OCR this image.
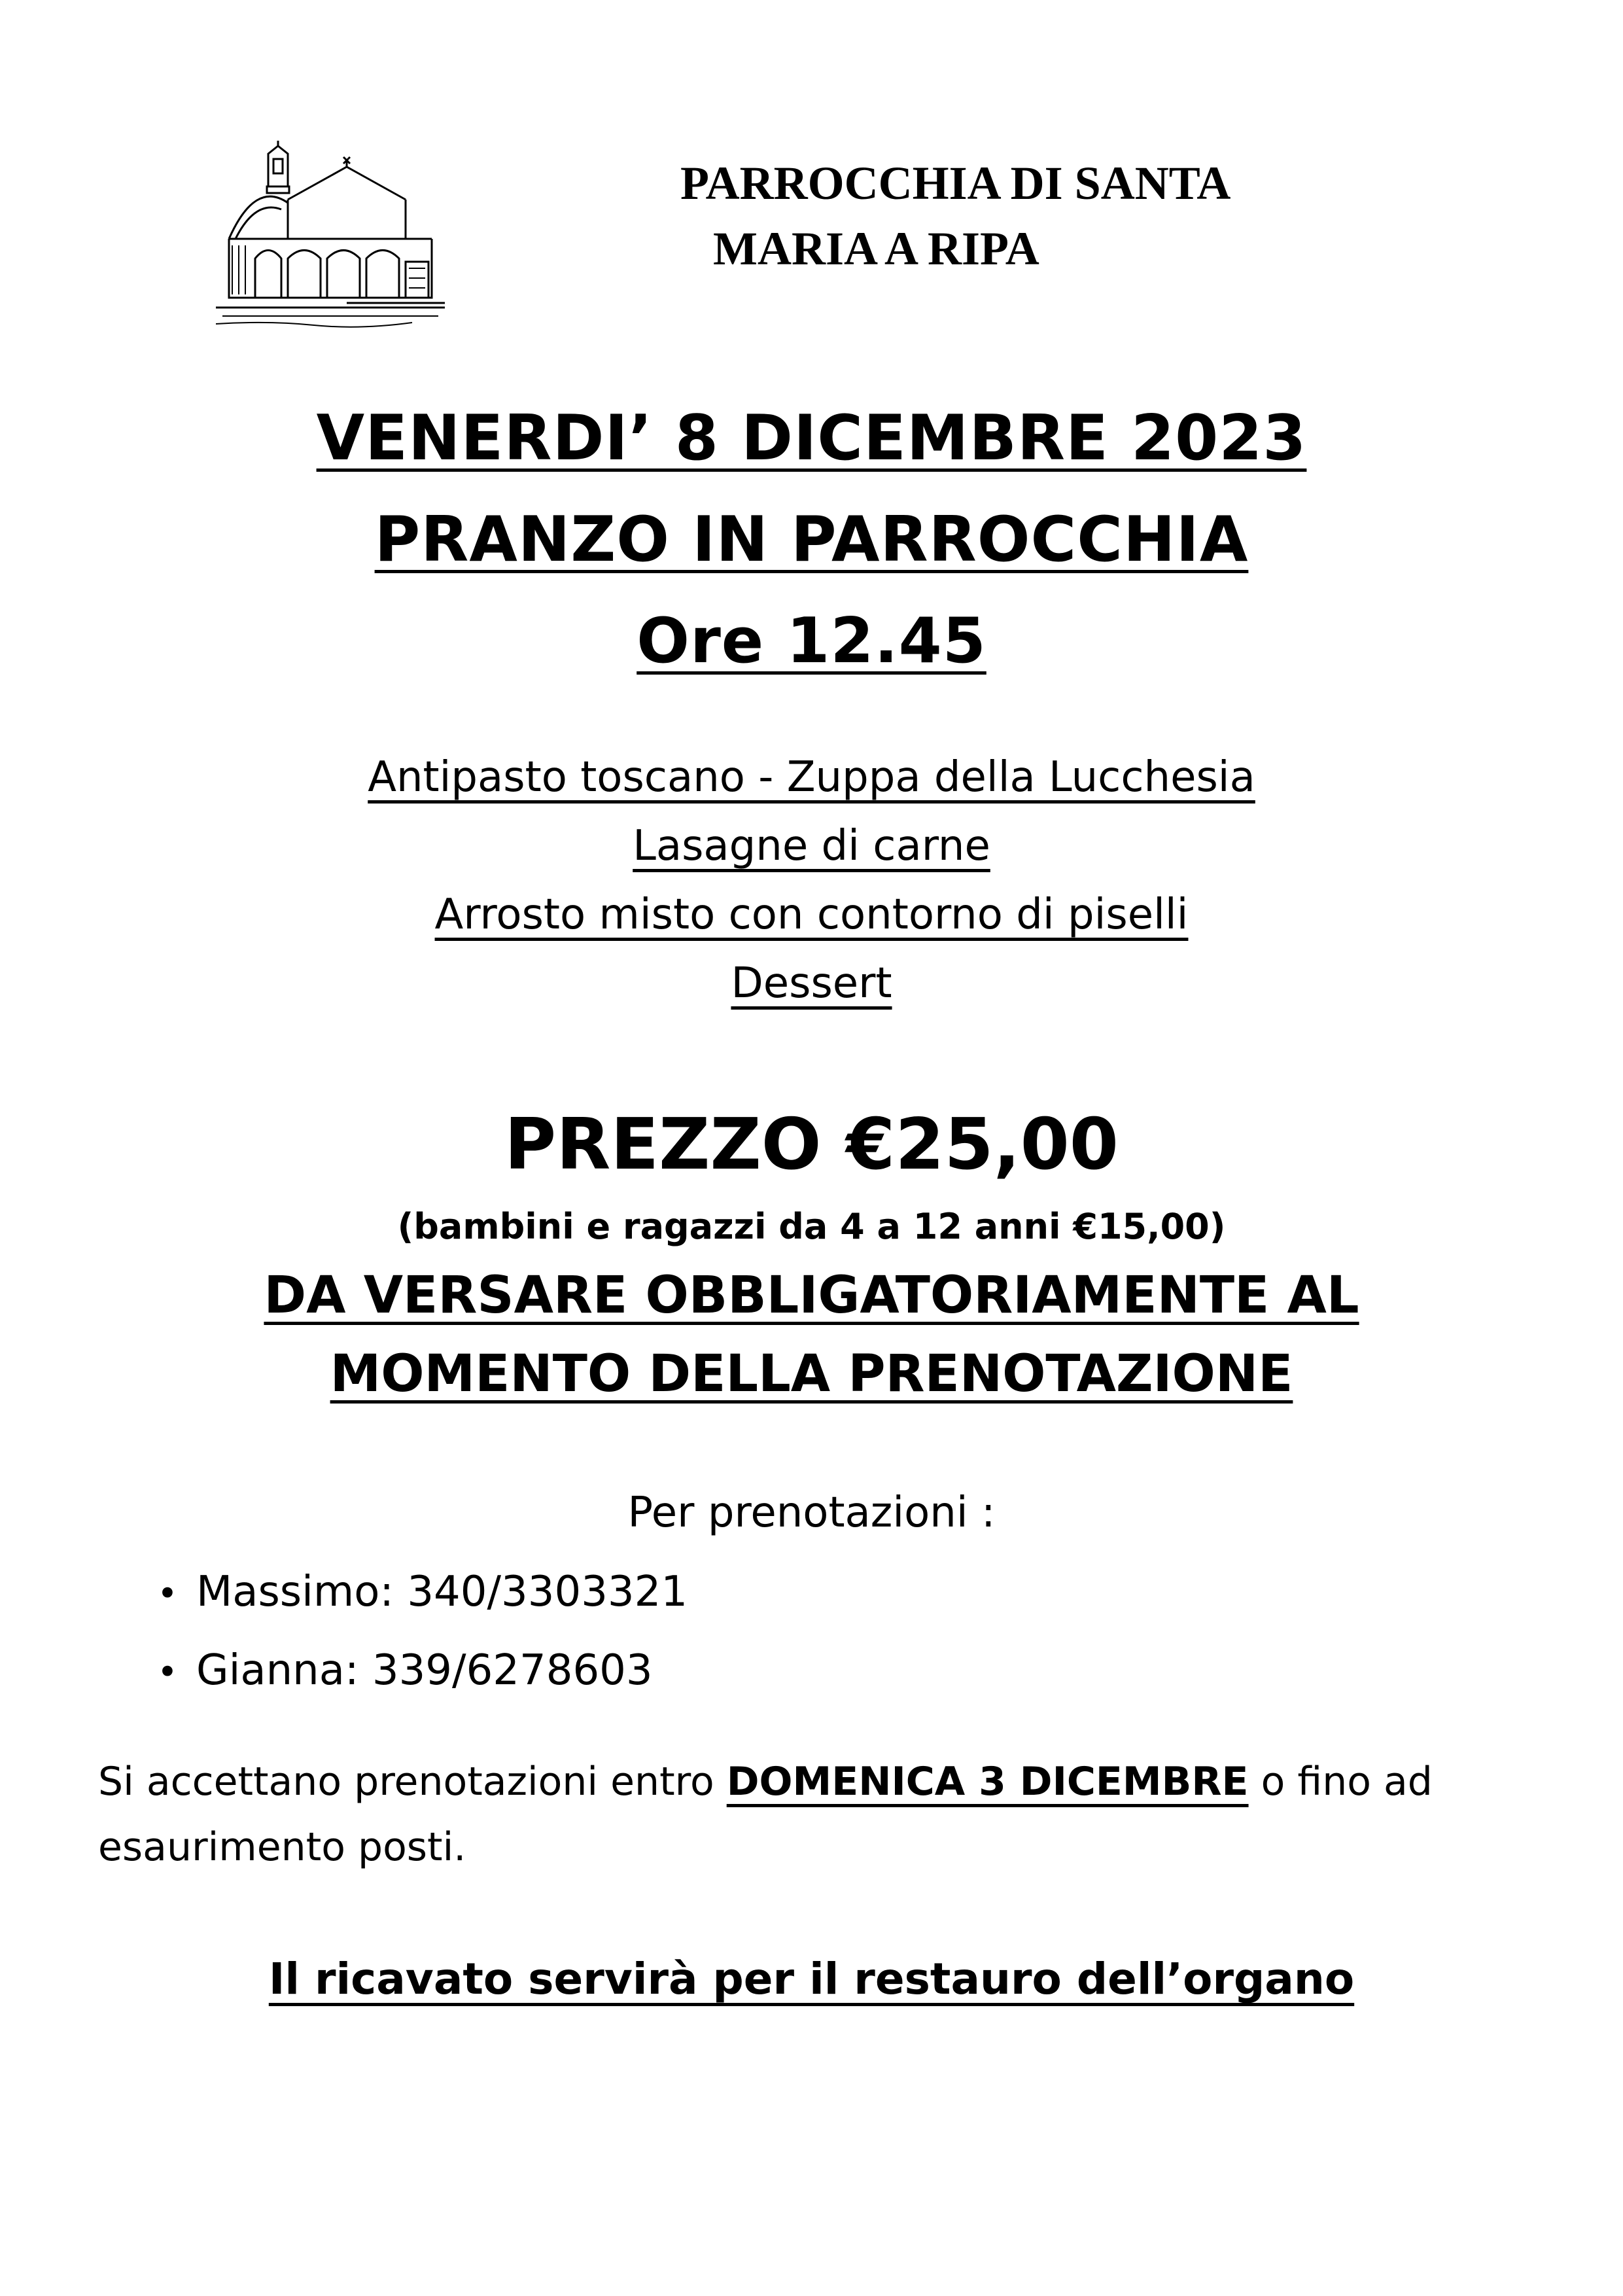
PARROCCHIA DI SANTA
MARIA A RIPA
VENERDI’ 8 DICEMBRE 2023
PRANZO IN PARROCCHIA
Ore 12.45
Antipasto toscano - Zuppa della Lucchesia
Lasagne di carne
Arrosto misto con contorno di piselli
Dessert
PREZZO €25,00
(bambini e ragazzi da 4 a 12 anni €15,00)
DA VERSARE OBBLIGATORIAMENTE AL
MOMENTO DELLA PRENOTAZIONE
Per prenotazioni :
• Massimo: 340/3303321
• Gianna: 339/6278603
Si accettano prenotazioni entro DOMENICA 3 DICEMBRE o fino ad esaurimento posti.
Il ricavato servirà per il restauro dell’organo
